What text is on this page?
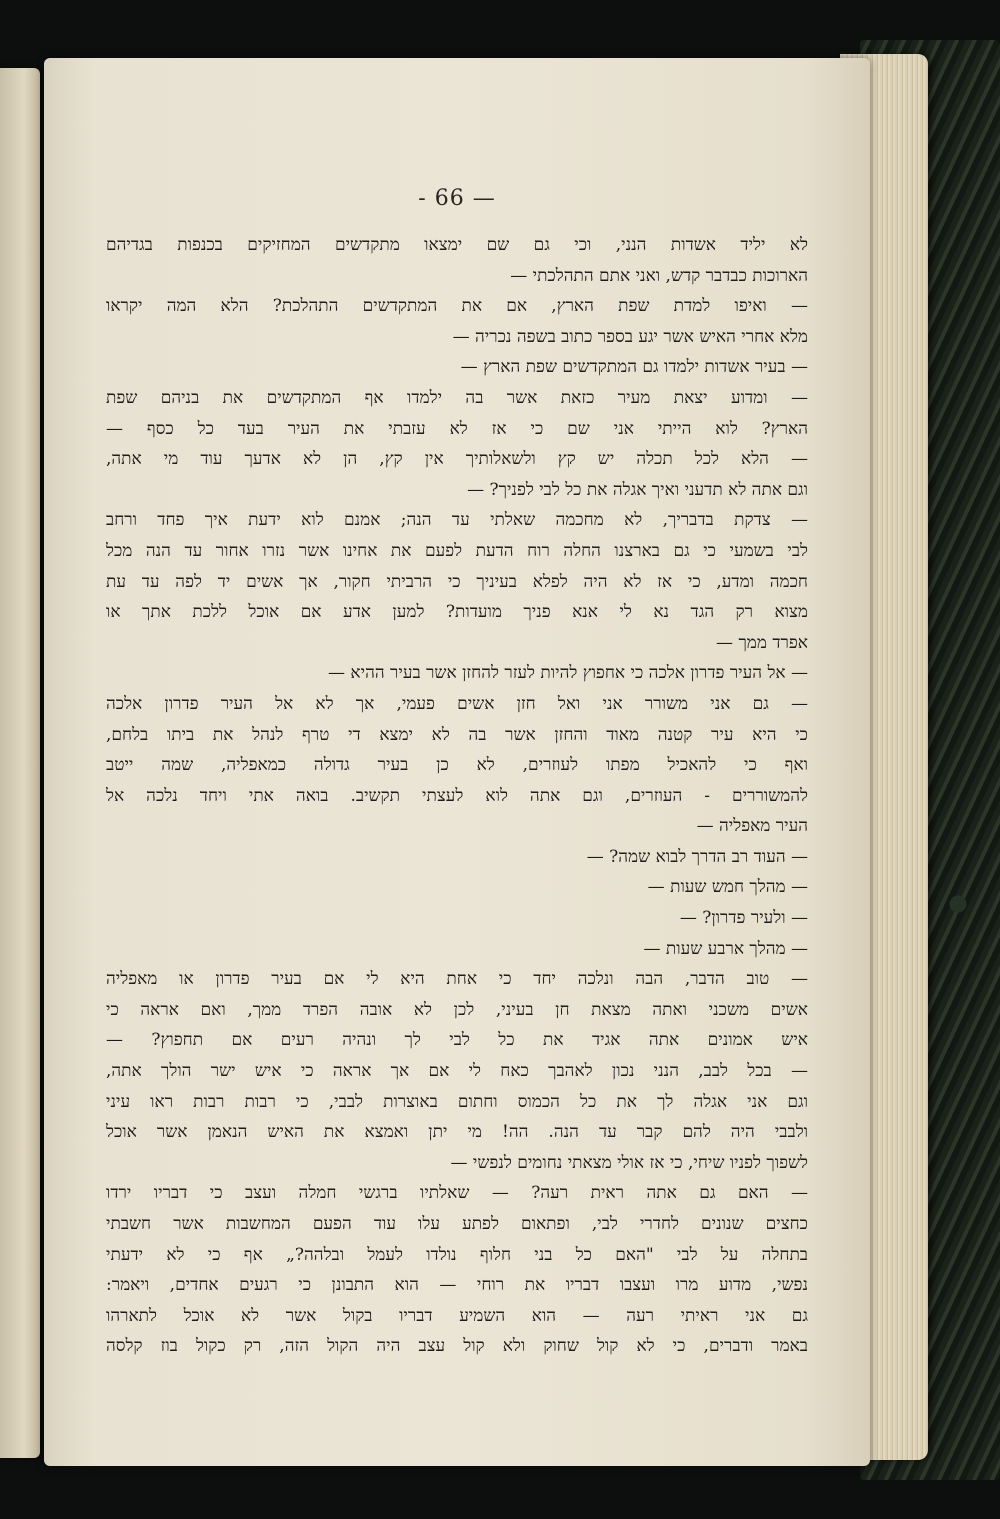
- 66 —
לא יליד אשדות הנני, וכי גם שם ימצאו מתקדשים המחזיקים בכנפות בגדיהם
הארוכות כבדבר קדש, ואני אתם התהלכתי —
— ואיפו למדת שפת הארץ, אם את המתקדשים התהלכת? הלא המה יקראו
מלא אחרי האיש אשר יגע בספר כתוב בשפה נכריה —
— בעיר אשדות ילמדו גם המתקדשים שפת הארץ —
— ומדוע יצאת מעיר כזאת אשר בה ילמדו אף המתקדשים את בניהם שפת
הארץ? לוא הייתי אני שם כי אז לא עזבתי את העיר בעד כל כסף —
— הלא לכל תכלה יש קץ ולשאלותיך אין קץ, הן לא אדעך עוד מי אתה,
וגם אתה לא תדעני ואיך אגלה את כל לבי לפניך? —
— צדקת בדבריך, לא מחכמה שאלתי עד הנה; אמנם לוא ידעת איך פחד ורחב
לבי בשמעי כי גם בארצנו החלה רוח הדעת לפעם את אחינו אשר נזרו אחור עד הנה מכל
חכמה ומדע, כי אז לא היה לפלא בעיניך כי הרביתי חקור, אך אשים יד לפה עד עת
מצוא רק הגד נא לי אנא פניך מועדות? למען אדע אם אוכל ללכת אתך או
אפרד ממך —
— אל העיר פדרון אלכה כי אחפוץ להיות לעזר להחזן אשר בעיר ההיא —
— גם אני משורר אני ואל חזן אשים פעמי, אך לא אל העיר פדרון אלכה
כי היא עיר קטנה מאוד והחזן אשר בה לא ימצא די טרף לנהל את ביתו בלחם,
ואף כי להאכיל מפתו לעוזרים, לא כן בעיר גדולה כמאפליה, שמה ייטב
להמשוררים - העוזרים, וגם אתה לוא לעצתי תקשיב. בואה אתי ויחד נלכה אל
העיר מאפליה —
— העוד רב הדרך לבוא שמה? —
— מהלך חמש שעות —
— ולעיר פדרון? —
— מהלך ארבע שעות —
— טוב הדבר, הבה ונלכה יחד כי אחת היא לי אם בעיר פדרון או מאפליה
אשים משכני ואתה מצאת חן בעיני, לכן לא אובה הפרד ממך, ואם אראה כי
איש אמונים אתה אגיד את כל לבי לך ונהיה רעים אם תחפוץ? —
— בכל לבב, הנני נכון לאהבך כאח לי אם אך אראה כי איש ישר הולך אתה,
וגם אני אגלה לך את כל הכמוס וחתום באוצרות לבבי, כי רבות רבות ראו עיני
ולבבי היה להם קבר עד הנה. הה! מי יתן ואמצא את האיש הנאמן אשר אוכל
לשפוך לפניו שיחי, כי אז אולי מצאתי נחומים לנפשי —
— האם גם אתה ראית רעה? — שאלתיו ברגשי חמלה ועצב כי דבריו ירדו
כחצים שנונים לחדרי לבי, ופתאום לפתע עלו עוד הפעם המחשבות אשר חשבתי
בתחלה על לבי "האם כל בני חלוף נולדו לעמל ובלהה?„ אף כי לא ידעתי
נפשי, מדוע מרו ועצבו דבריו את רוחי — הוא התבונן כי רגעים אחדים, ויאמר:
גם אני ראיתי רעה — הוא השמיע דבריו בקול אשר לא אוכל לתארהו
באמר ודברים, כי לא קול שחוק ולא קול עצב היה הקול הזה, רק כקול בוז קלסה
